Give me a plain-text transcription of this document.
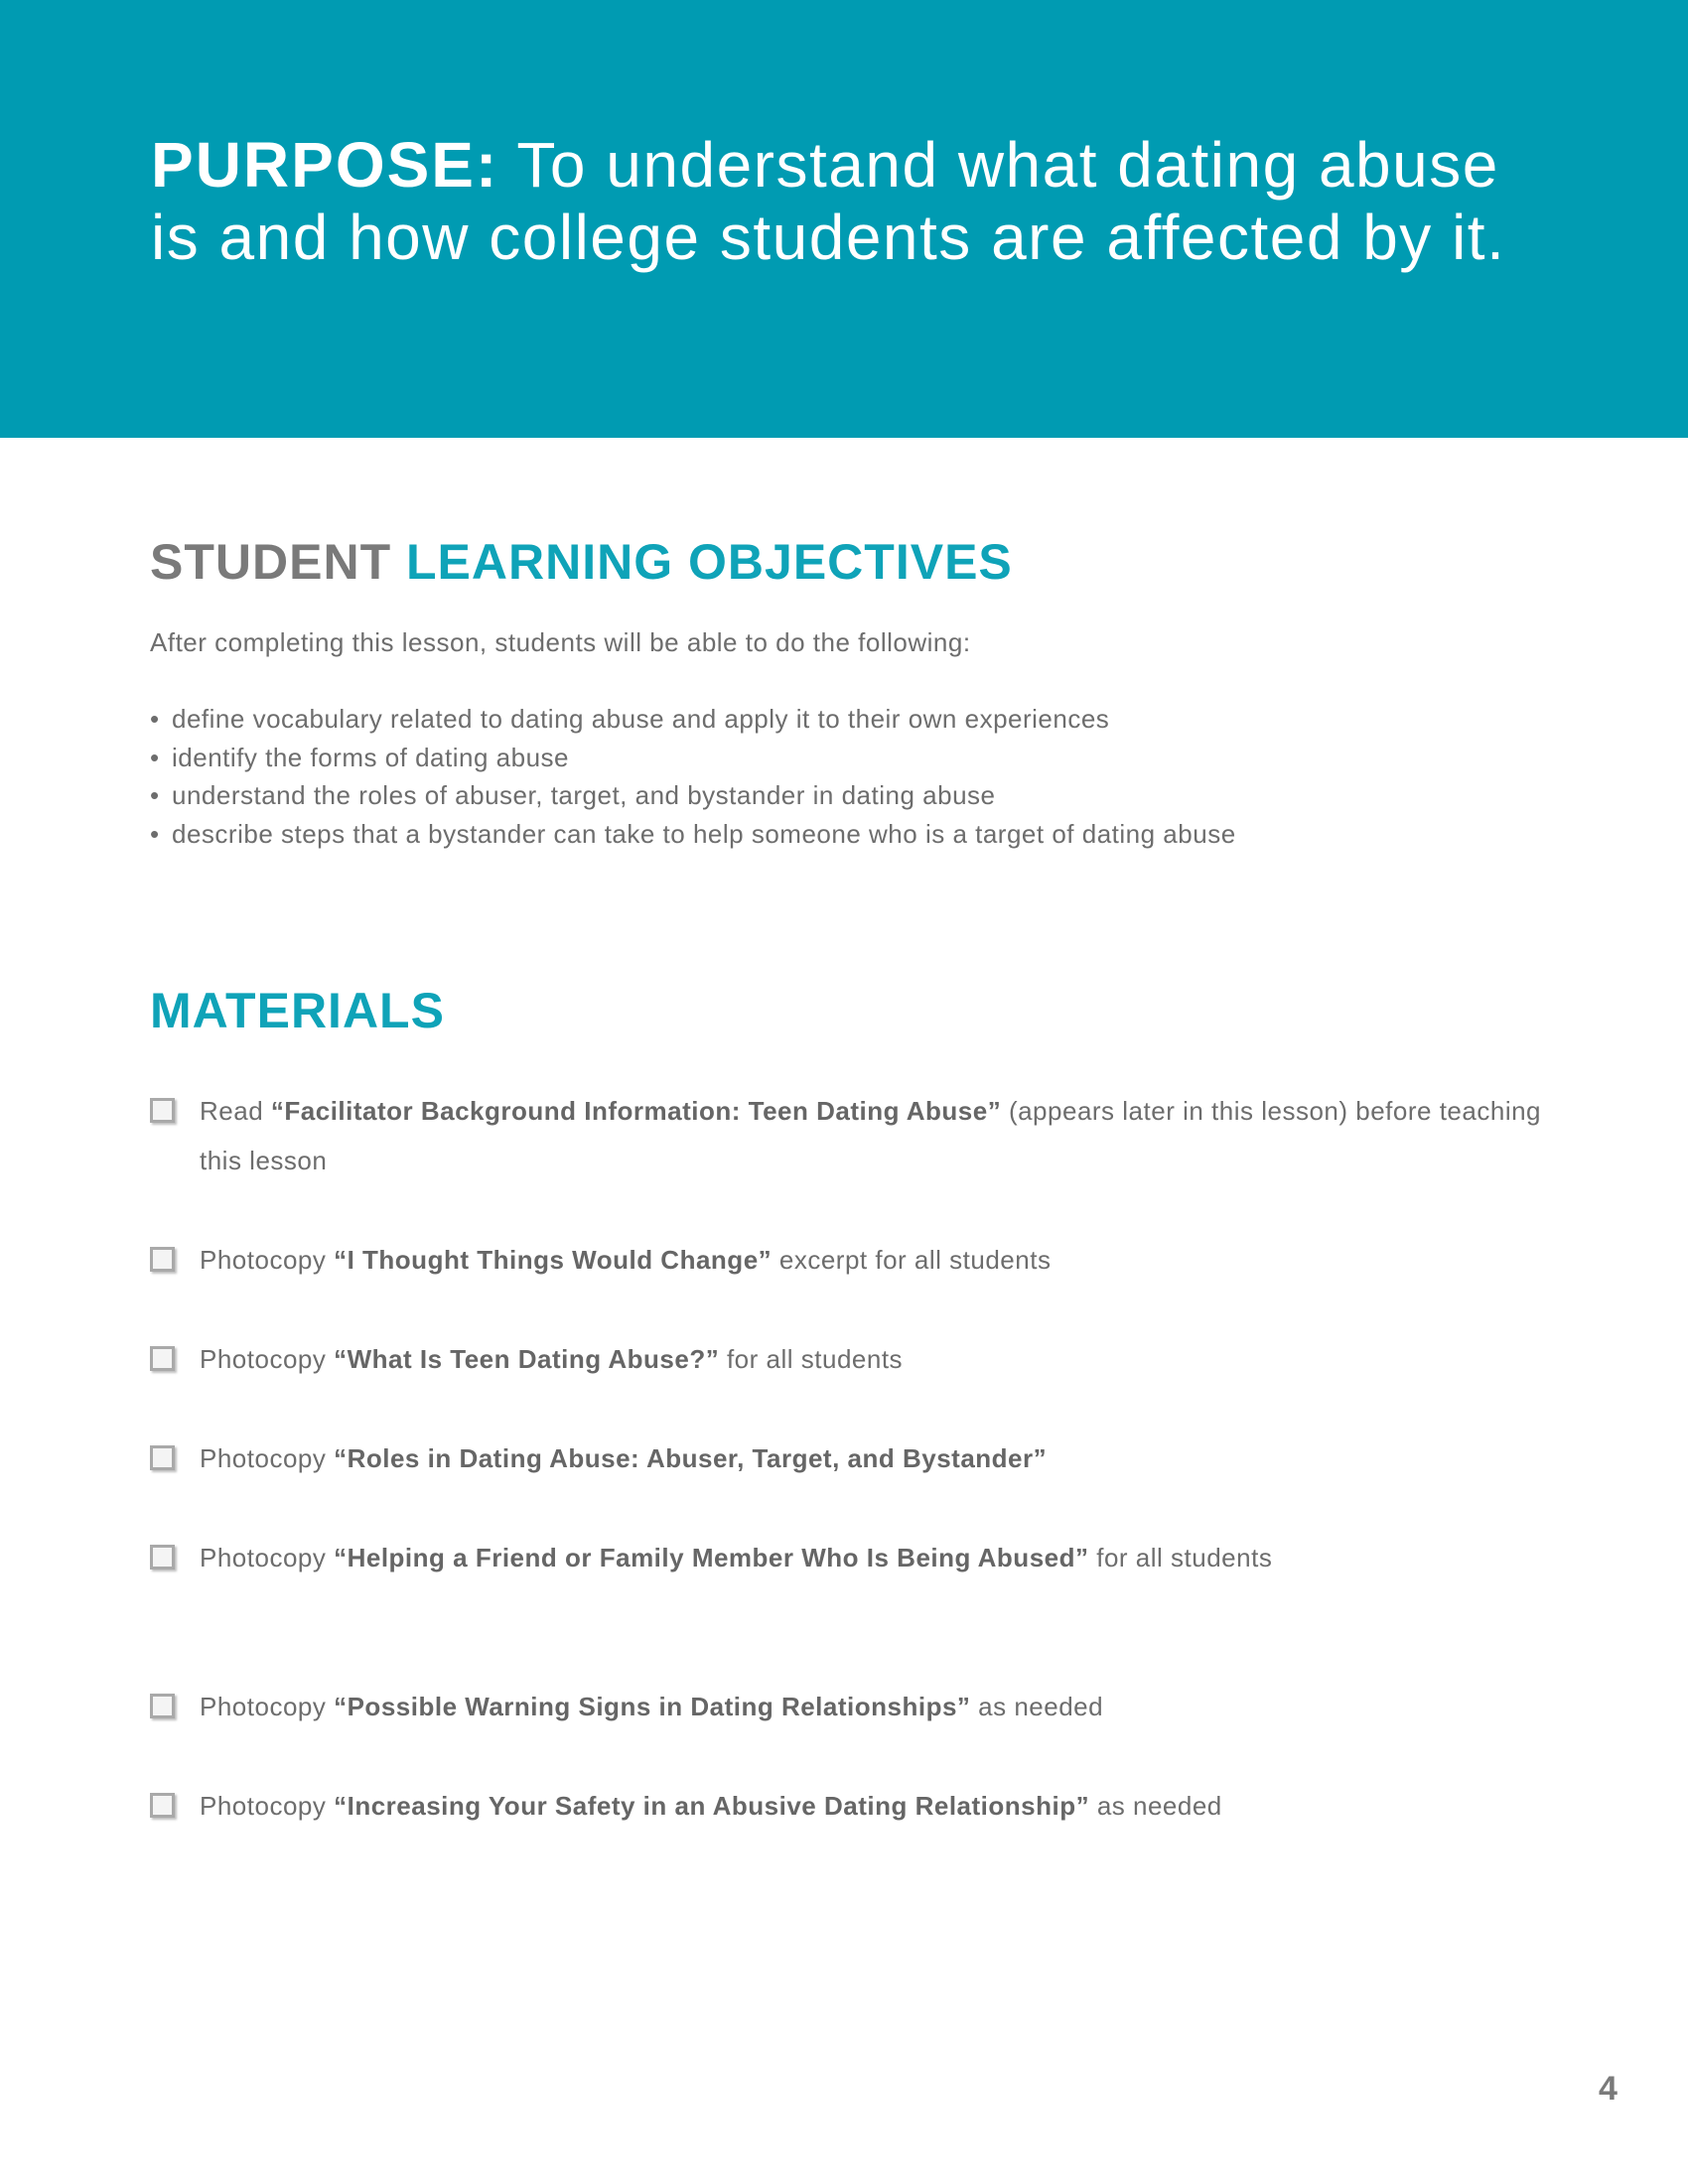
PURPOSE: To understand what dating abuse is and how college students are affected by it.
STUDENT LEARNING OBJECTIVES

After completing this lesson, students will be able to do the following:

• define vocabulary related to dating abuse and apply it to their own experiences
• identify the forms of dating abuse
• understand the roles of abuser, target, and bystander in dating abuse
• describe steps that a bystander can take to help someone who is a target of dating abuse
MATERIALS

Read “Facilitator Background Information: Teen Dating Abuse” (appears later in this lesson) before teaching this lesson

Photocopy “I Thought Things Would Change” excerpt for all students

Photocopy “What Is Teen Dating Abuse?” for all students

Photocopy “Roles in Dating Abuse: Abuser, Target, and Bystander”

Photocopy “Helping a Friend or Family Member Who Is Being Abused” for all students

Photocopy “Possible Warning Signs in Dating Relationships” as needed

Photocopy “Increasing Your Safety in an Abusive Dating Relationship” as needed

4
